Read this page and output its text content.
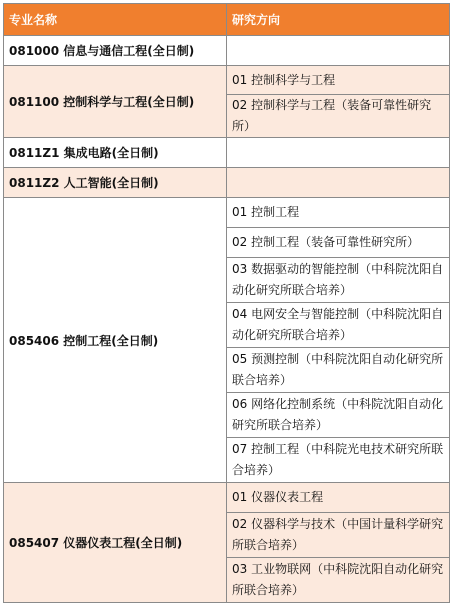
专业名称	研究方向
081000 信息与通信工程(全日制)	
081100 控制科学与工程(全日制)	01 控制科学与工程
	02 控制科学与工程（装备可靠性研究所）
0811Z1 集成电路(全日制)	
0811Z2 人工智能(全日制)	
085406 控制工程(全日制)	01 控制工程
	02 控制工程（装备可靠性研究所）
	03 数据驱动的智能控制（中科院沈阳自动化研究所联合培养）
	04 电网安全与智能控制（中科院沈阳自动化研究所联合培养）
	05 预测控制（中科院沈阳自动化研究所联合培养）
	06 网络化控制系统（中科院沈阳自动化研究所联合培养）
	07 控制工程（中科院光电技术研究所联合培养）
085407 仪器仪表工程(全日制)	01 仪器仪表工程
	02 仪器科学与技术（中国计量科学研究所联合培养）
	03 工业物联网（中科院沈阳自动化研究所联合培养）
